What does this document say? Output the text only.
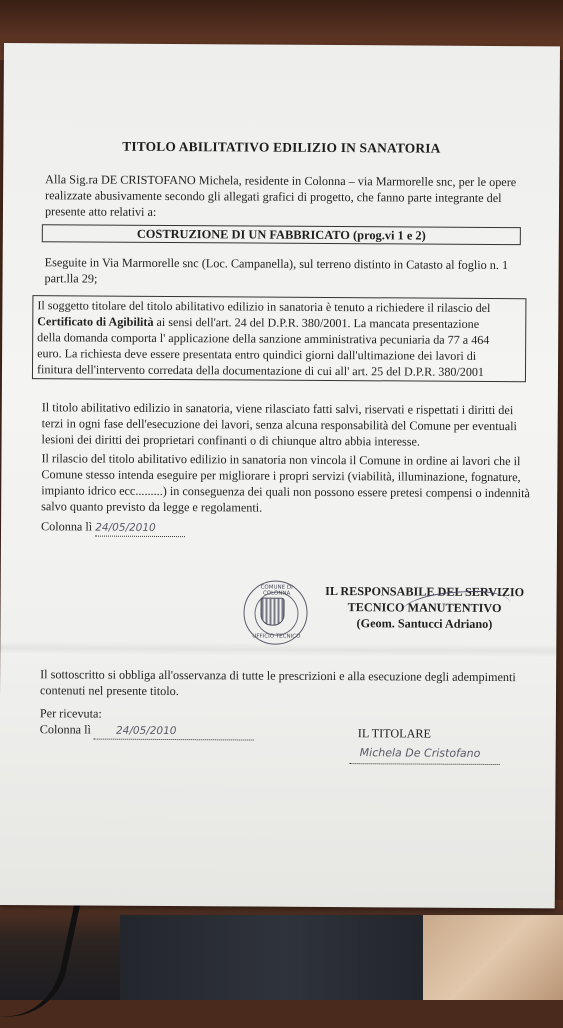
TITOLO ABILITATIVO EDILIZIO IN SANATORIA
Alla Sig.ra DE CRISTOFANO Michela, residente in Colonna – via Marmorelle snc, per le opere
realizzate abusivamente secondo gli allegati grafici di progetto, che fanno parte integrante del
presente atto relativi a:
COSTRUZIONE DI UN FABBRICATO (prog.vi 1 e 2)
Eseguite in Via Marmorelle snc (Loc. Campanella), sul terreno distinto in Catasto al foglio n. 1
part.lla 29;
Il soggetto titolare del titolo abilitativo edilizio in sanatoria è tenuto a richiedere il rilascio del
Certificato di Agibilità ai sensi dell'art. 24 del D.P.R. 380/2001. La mancata presentazione
della domanda comporta l' applicazione della sanzione amministrativa pecuniaria da 77 a 464
euro. La richiesta deve essere presentata entro quindici giorni dall'ultimazione dei lavori di
finitura dell'intervento corredata della documentazione di cui all' art. 25 del D.P.R. 380/2001
Il titolo abilitativo edilizio in sanatoria, viene rilasciato fatti salvi, riservati e rispettati i diritti dei
terzi in ogni fase dell'esecuzione dei lavori, senza alcuna responsabilità del Comune per eventuali
lesioni dei diritti dei proprietari confinanti o di chiunque altro abbia interesse.
Il rilascio del titolo abilitativo edilizio in sanatoria non vincola il Comune in ordine ai lavori che il
Comune stesso intenda eseguire per migliorare i propri servizi (viabilità, illuminazione, fognature,
impianto idrico ecc.........) in conseguenza dei quali non possono essere pretesi compensi o indennità
salvo quanto previsto da legge e regolamenti.
Colonna lì 24/05/2010
COMUNE DI COLONNA
UFFICIO TECNICO
IL RESPONSABILE DEL SERVIZIO
TECNICO MANUTENTIVO
(Geom. Santucci Adriano)
Il sottoscritto si obbliga all'osservanza di tutte le prescrizioni e alla esecuzione degli adempimenti
contenuti nel presente titolo.
Per ricevuta:
Colonna lì 24/05/2010	IL TITOLARE
Michela De Cristofano
